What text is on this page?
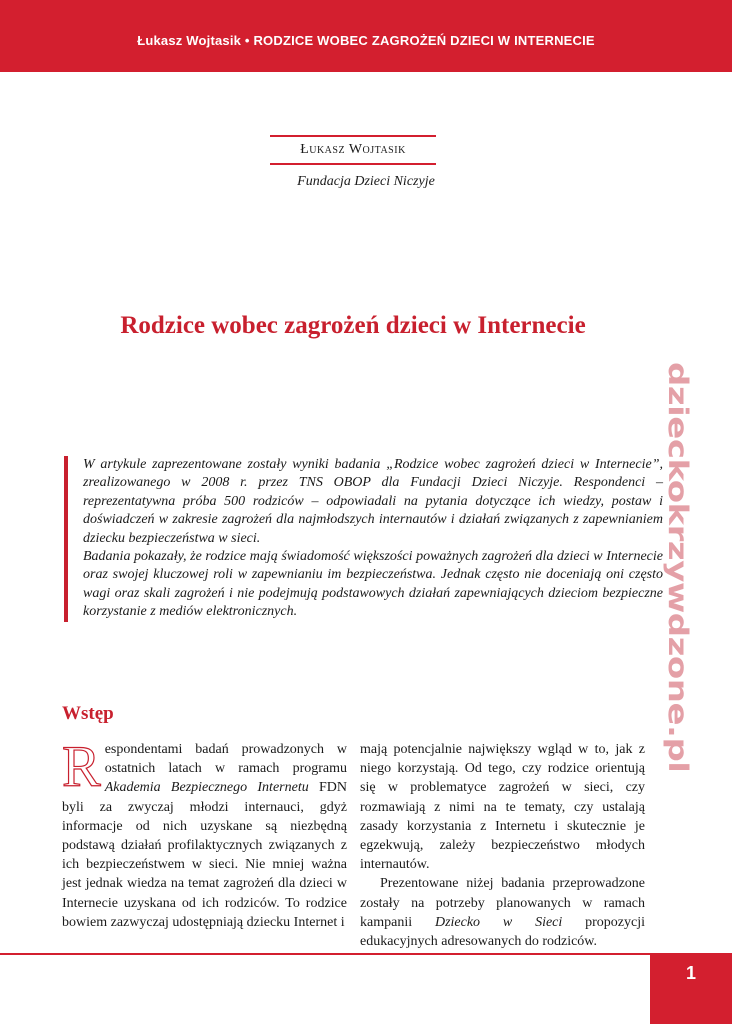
Łukasz Wojtasik • RODZICE WOBEC ZAGROŻEŃ DZIECI W INTERNECIE
Łukasz Wojtasik
Fundacja Dzieci Niczyje
Rodzice wobec zagrożeń dzieci w Internecie
dzieckokrzywdzone.pl

W artykule zaprezentowane zostały wyniki badania „Rodzice wobec zagrożeń dzieci w Internecie”, zrealizowanego w 2008 r. przez TNS OBOP dla Fundacji Dzieci Niczyje. Respondenci – reprezentatywna próba 500 rodziców – odpowiadali na pytania dotyczące ich wiedzy, postaw i doświadczeń w zakresie zagrożeń dla najmłodszych internautów i działań związanych z zapewnianiem dziecku bezpieczeństwa w sieci.

Badania pokazały, że rodzice mają świadomość większości poważnych zagrożeń dla dzieci w Internecie oraz swojej kluczowej roli w zapewnianiu im bezpieczeństwa. Jednak często nie doceniają oni często wagi oraz skali zagrożeń i nie podejmują podstawowych działań zapewniających dzieciom bezpieczne korzystanie z mediów elektronicznych.

Wstęp

Respondentami badań prowadzonych w ostatnich latach w ramach programu Akademia Bezpiecznego Internetu FDN byli za zwyczaj młodzi internauci, gdyż informacje od nich uzyskane są niezbędną podstawą działań profilaktycznych związanych z ich bezpieczeństwem w sieci. Nie mniej ważna jest jednak wiedza na temat zagrożeń dla dzieci w Internecie uzyskana od ich rodziców. To rodzice bowiem zazwyczaj udostępniają dziecku Internet i

mają potencjalnie największy wgląd w to, jak z niego korzystają. Od tego, czy rodzice orientują się w problematyce zagrożeń w sieci, czy rozmawiają z nimi na te tematy, czy ustalają zasady korzystania z Internetu i skutecznie je egzekwują, zależy bezpieczeństwo młodych internautów.

Prezentowane niżej badania przeprowadzone zostały na potrzeby planowanych w ramach kampanii Dziecko w Sieci propozycji edukacyjnych adresowanych do rodziców.

1
